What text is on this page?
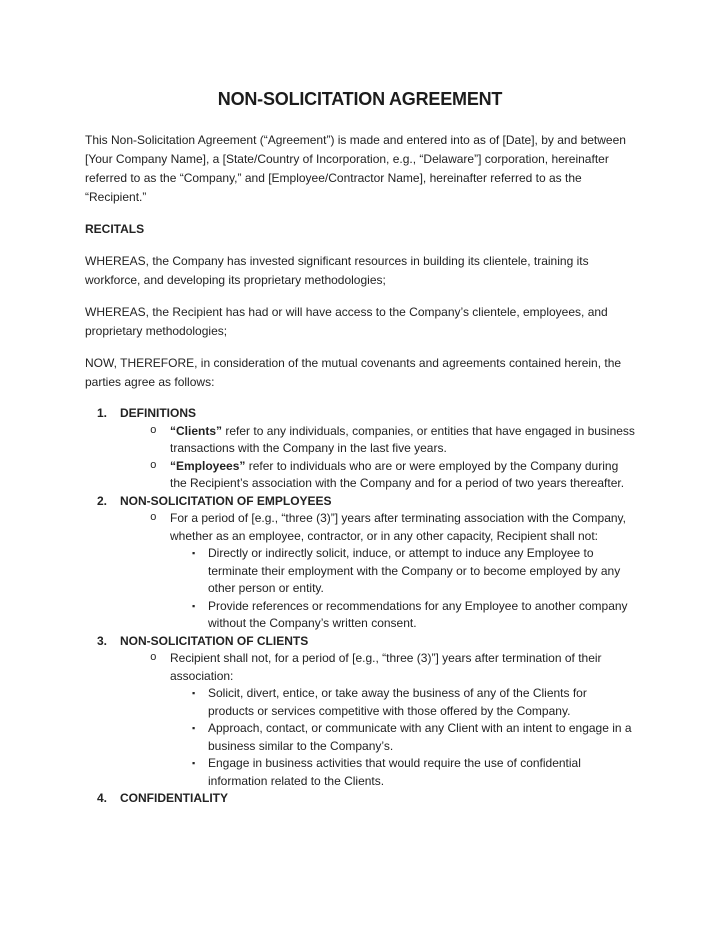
NON-SOLICITATION AGREEMENT

This Non-Solicitation Agreement (“Agreement”) is made and entered into as of [Date], by and between [Your Company Name], a [State/Country of Incorporation, e.g., “Delaware”] corporation, hereinafter referred to as the “Company,” and [Employee/Contractor Name], hereinafter referred to as the “Recipient.”

RECITALS

WHEREAS, the Company has invested significant resources in building its clientele, training its workforce, and developing its proprietary methodologies;

WHEREAS, the Recipient has had or will have access to the Company’s clientele, employees, and proprietary methodologies;

NOW, THEREFORE, in consideration of the mutual covenants and agreements contained herein, the parties agree as follows:

1.	DEFINITIONS
o	“Clients” refer to any individuals, companies, or entities that have engaged in business transactions with the Company in the last five years.
o	“Employees” refer to individuals who are or were employed by the Company during the Recipient’s association with the Company and for a period of two years thereafter.
2.	NON-SOLICITATION OF EMPLOYEES
o	For a period of [e.g., “three (3)”] years after terminating association with the Company, whether as an employee, contractor, or in any other capacity, Recipient shall not:
▪	Directly or indirectly solicit, induce, or attempt to induce any Employee to terminate their employment with the Company or to become employed by any other person or entity.
▪	Provide references or recommendations for any Employee to another company without the Company’s written consent.
3.	NON-SOLICITATION OF CLIENTS
o	Recipient shall not, for a period of [e.g., “three (3)”] years after termination of their association:
▪	Solicit, divert, entice, or take away the business of any of the Clients for products or services competitive with those offered by the Company.
▪	Approach, contact, or communicate with any Client with an intent to engage in a business similar to the Company’s.
▪	Engage in business activities that would require the use of confidential information related to the Clients.
4.	CONFIDENTIALITY
